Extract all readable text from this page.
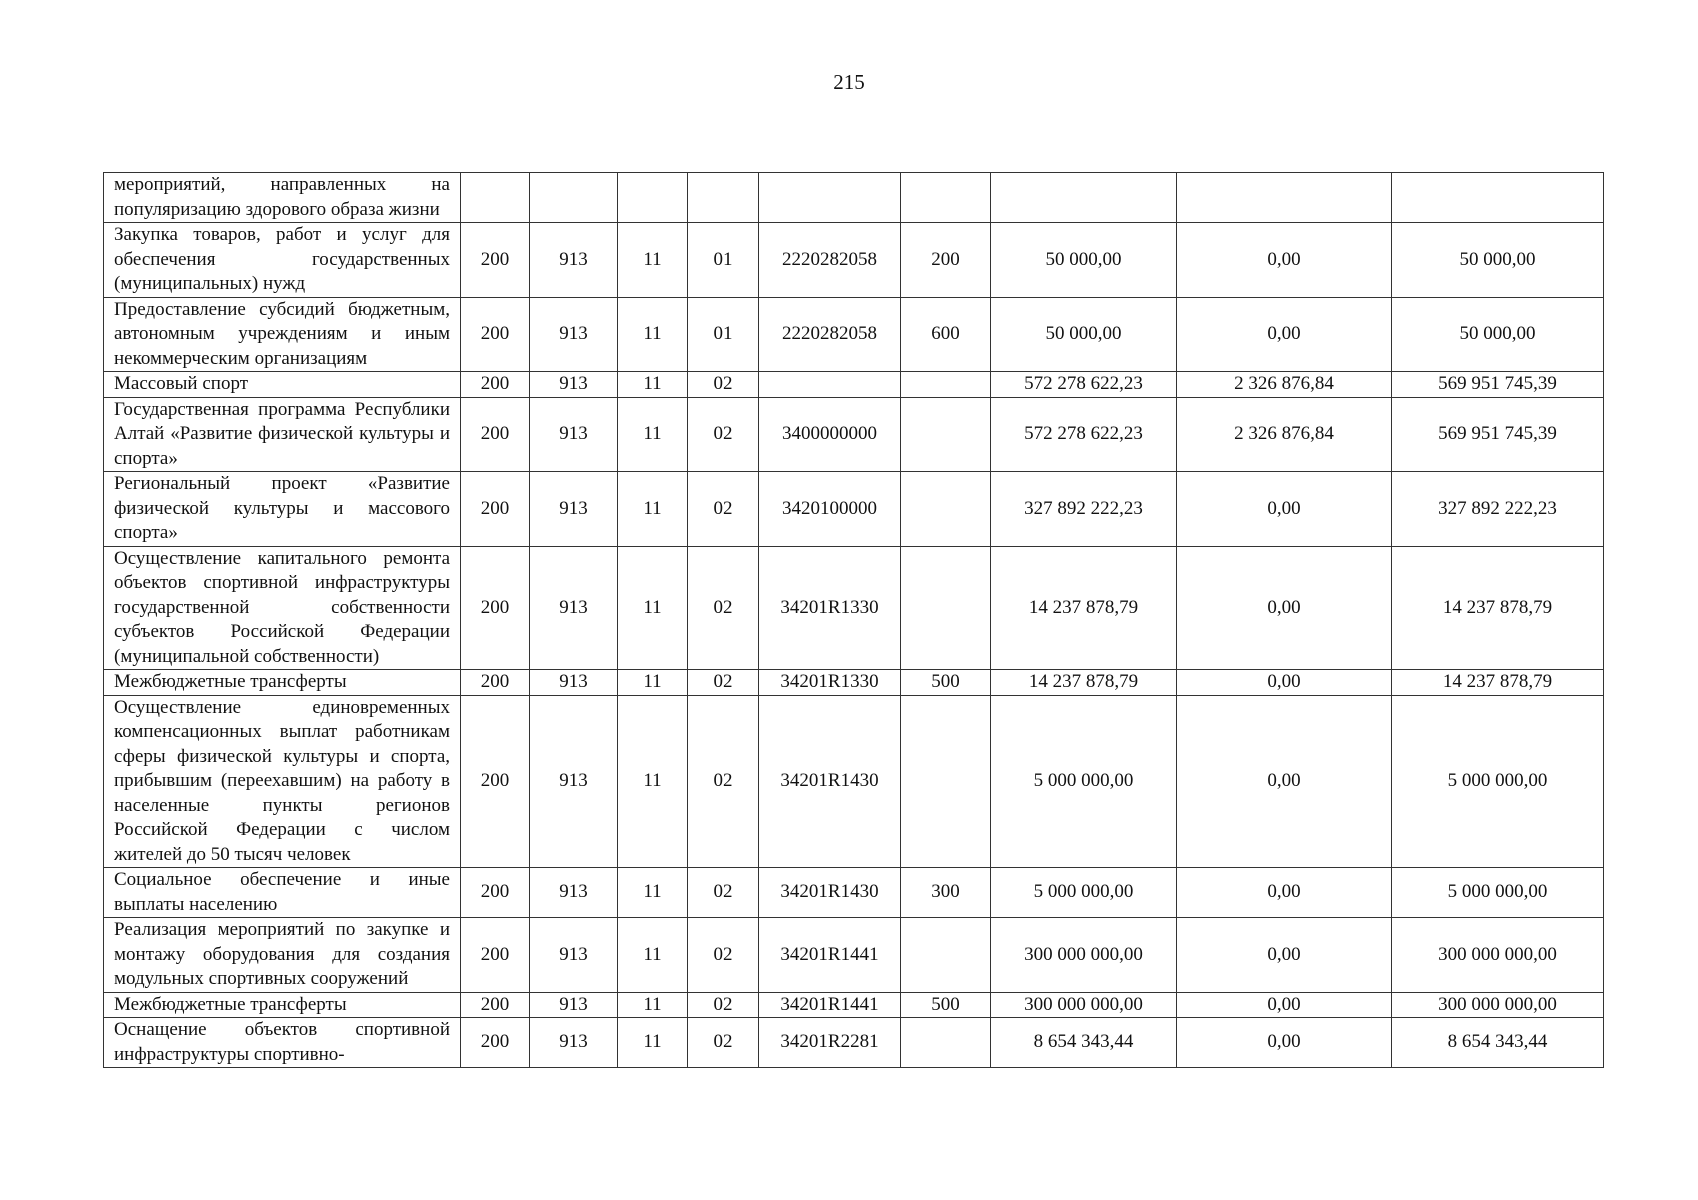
215
мероприятий, направленных на популяризацию здорового образа жизни									
Закупка товаров, работ и услуг для обеспечения государственных (муниципальных) нужд	200	913	11	01	2220282058	200	50 000,00	0,00	50 000,00
Предоставление субсидий бюджетным, автономным учреждениям и иным некоммерческим организациям	200	913	11	01	2220282058	600	50 000,00	0,00	50 000,00
Массовый спорт	200	913	11	02			572 278 622,23	2 326 876,84	569 951 745,39
Государственная программа Республики Алтай «Развитие физической культуры и спорта»	200	913	11	02	3400000000		572 278 622,23	2 326 876,84	569 951 745,39
Региональный проект «Развитие физической культуры и массового спорта»	200	913	11	02	3420100000		327 892 222,23	0,00	327 892 222,23
Осуществление капитального ремонта объектов спортивной инфраструктуры государственной собственности субъектов Российской Федерации (муниципальной собственности)	200	913	11	02	34201R1330		14 237 878,79	0,00	14 237 878,79
Межбюджетные трансферты	200	913	11	02	34201R1330	500	14 237 878,79	0,00	14 237 878,79
Осуществление единовременных компенсационных выплат работникам сферы физической культуры и спорта, прибывшим (переехавшим) на работу в населенные пункты регионов Российской Федерации с числом жителей до 50 тысяч человек	200	913	11	02	34201R1430		5 000 000,00	0,00	5 000 000,00
Социальное обеспечение и иные выплаты населению	200	913	11	02	34201R1430	300	5 000 000,00	0,00	5 000 000,00
Реализация мероприятий по закупке и монтажу оборудования для создания модульных спортивных сооружений	200	913	11	02	34201R1441		300 000 000,00	0,00	300 000 000,00
Межбюджетные трансферты	200	913	11	02	34201R1441	500	300 000 000,00	0,00	300 000 000,00
Оснащение объектов спортивной инфраструктуры спортивно-	200	913	11	02	34201R2281		8 654 343,44	0,00	8 654 343,44
